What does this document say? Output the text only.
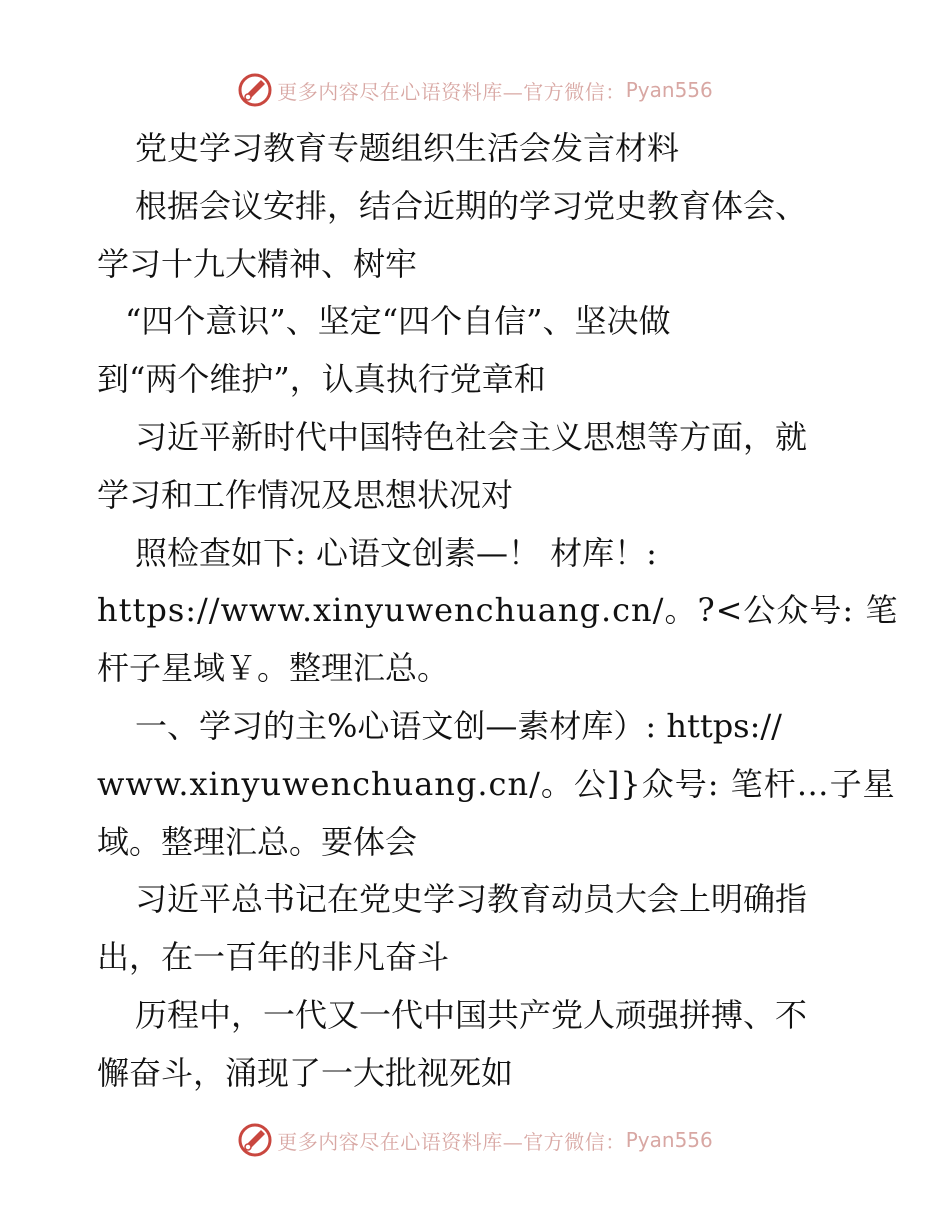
更多内容尽在心语资料库—官方微信： Pyan556
党史学习教育专题组织生活会发言材料
根据会议安排，结合近期的学习党史教育体会、
学习十九大精神、树牢
“四个意识”、坚定“四个自信”、坚决做
到“两个维护”，认真执行党章和
习近平新时代中国特色社会主义思想等方面，就
学习和工作情况及思想状况对
照检查如下: 心语文创素—！ 材库！:
https://www.xinyuwenchuang.cn/。?<公众号: 笔
杆子星域￥。整理汇总。
一、学习的主%心语文创—素材库）: https://
www.xinyuwenchuang.cn/。公]}众号: 笔杆…子星
域。整理汇总。要体会
习近平总书记在党史学习教育动员大会上明确指
出，在一百年的非凡奋斗
历程中，一代又一代中国共产党人顽强拼搏、不
懈奋斗，涌现了一大批视死如
更多内容尽在心语资料库—官方微信： Pyan556
